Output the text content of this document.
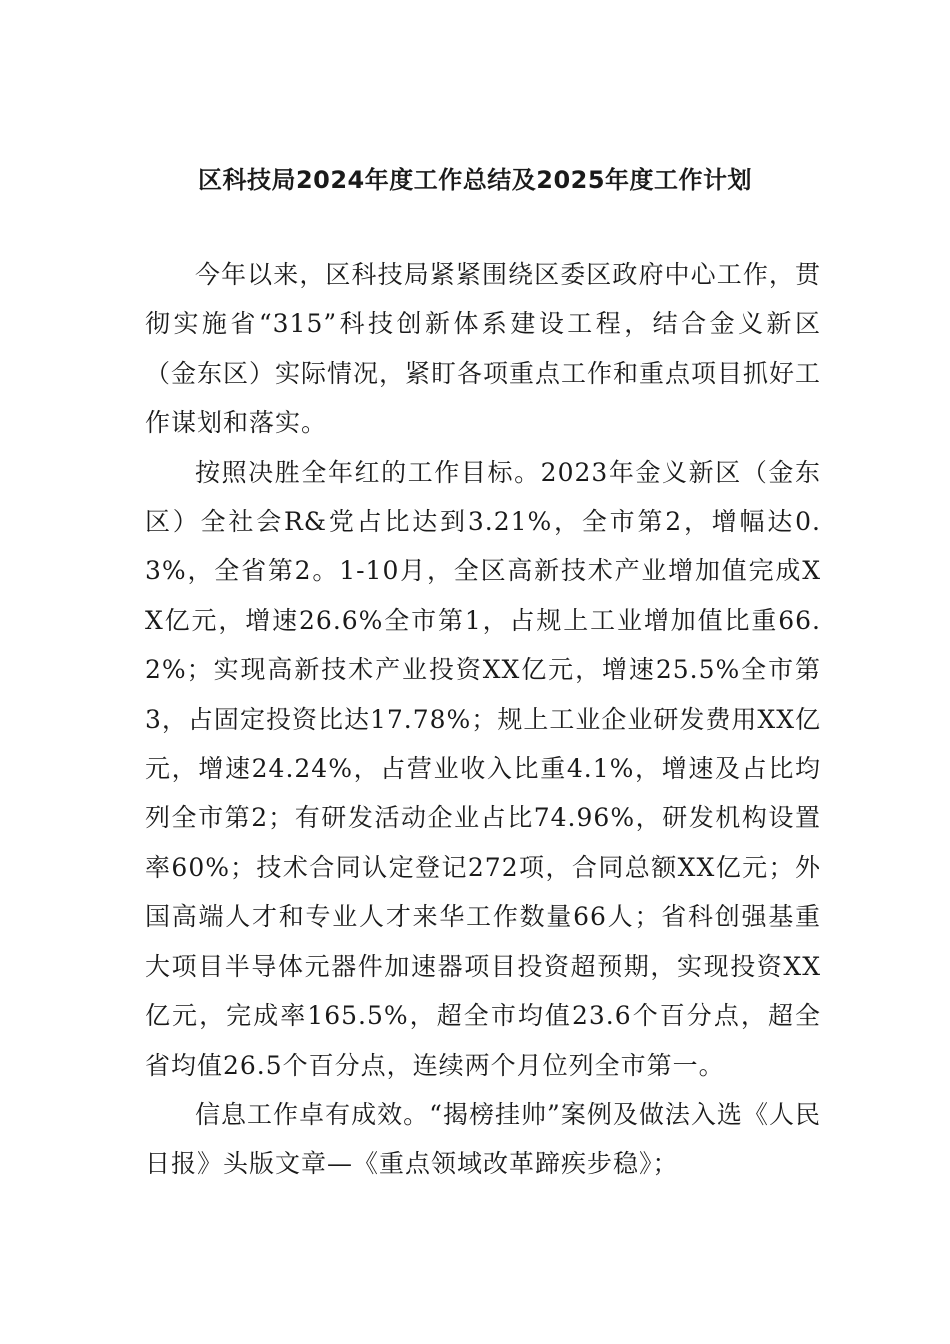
区科技局2024年度工作总结及2025年度工作计划

今年以来，区科技局紧紧围绕区委区政府中心工作，贯彻实施省“315”科技创新体系建设工程，结合金义新区（金东区）实际情况，紧盯各项重点工作和重点项目抓好工作谋划和落实。

按照决胜全年红的工作目标。2023年金义新区（金东区）全社会R&党占比达到3.21%，全市第2，增幅达0.3%，全省第2。1-10月，全区高新技术产业增加值完成XX亿元，增速26.6%全市第1，占规上工业增加值比重66.2%；实现高新技术产业投资XX亿元，增速25.5%全市第3，占固定投资比达17.78%；规上工业企业研发费用XX亿元，增速24.24%，占营业收入比重4.1%，增速及占比均列全市第2；有研发活动企业占比74.96%，研发机构设置率60%；技术合同认定登记272项，合同总额XX亿元；外国高端人才和专业人才来华工作数量66人；省科创强基重大项目半导体元器件加速器项目投资超预期，实现投资XX亿元，完成率165.5%，超全市均值23.6个百分点，超全省均值26.5个百分点，连续两个月位列全市第一。

信息工作卓有成效。“揭榜挂帅”案例及做法入选《人民日报》头版文章—《重点领域改革蹄疾步稳》；
